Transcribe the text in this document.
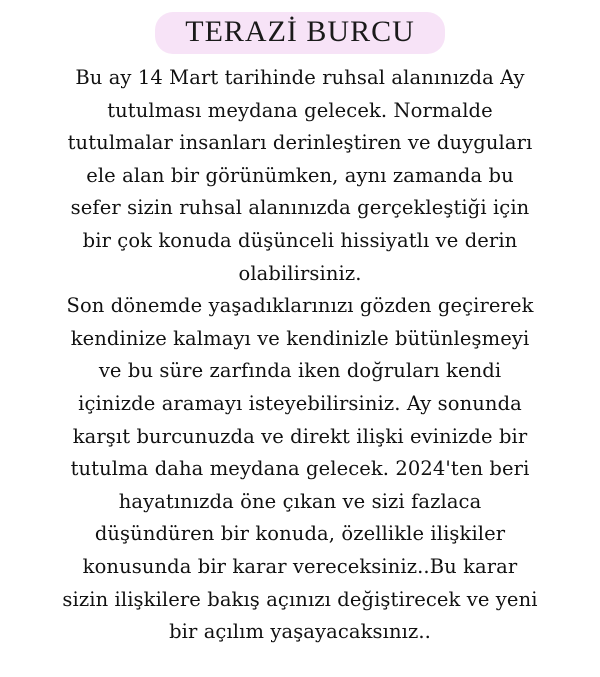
TERAZİ BURCU
Bu ay 14 Mart tarihinde ruhsal alanınızda Ay
tutulması meydana gelecek. Normalde
tutulmalar insanları derinleştiren ve duyguları
ele alan bir görünümken, aynı zamanda bu
sefer sizin ruhsal alanınızda gerçekleştiği için
bir çok konuda düşünceli hissiyatlı ve derin
olabilirsiniz.
Son dönemde yaşadıklarınızı gözden geçirerek
kendinize kalmayı ve kendinizle bütünleşmeyi
ve bu süre zarfında iken doğruları kendi
içinizde aramayı isteyebilirsiniz. Ay sonunda
karşıt burcunuzda ve direkt ilişki evinizde bir
tutulma daha meydana gelecek. 2024'ten beri
hayatınızda öne çıkan ve sizi fazlaca
düşündüren bir konuda, özellikle ilişkiler
konusunda bir karar vereceksiniz..Bu karar
sizin ilişkilere bakış açınızı değiştirecek ve yeni
bir açılım yaşayacaksınız..
